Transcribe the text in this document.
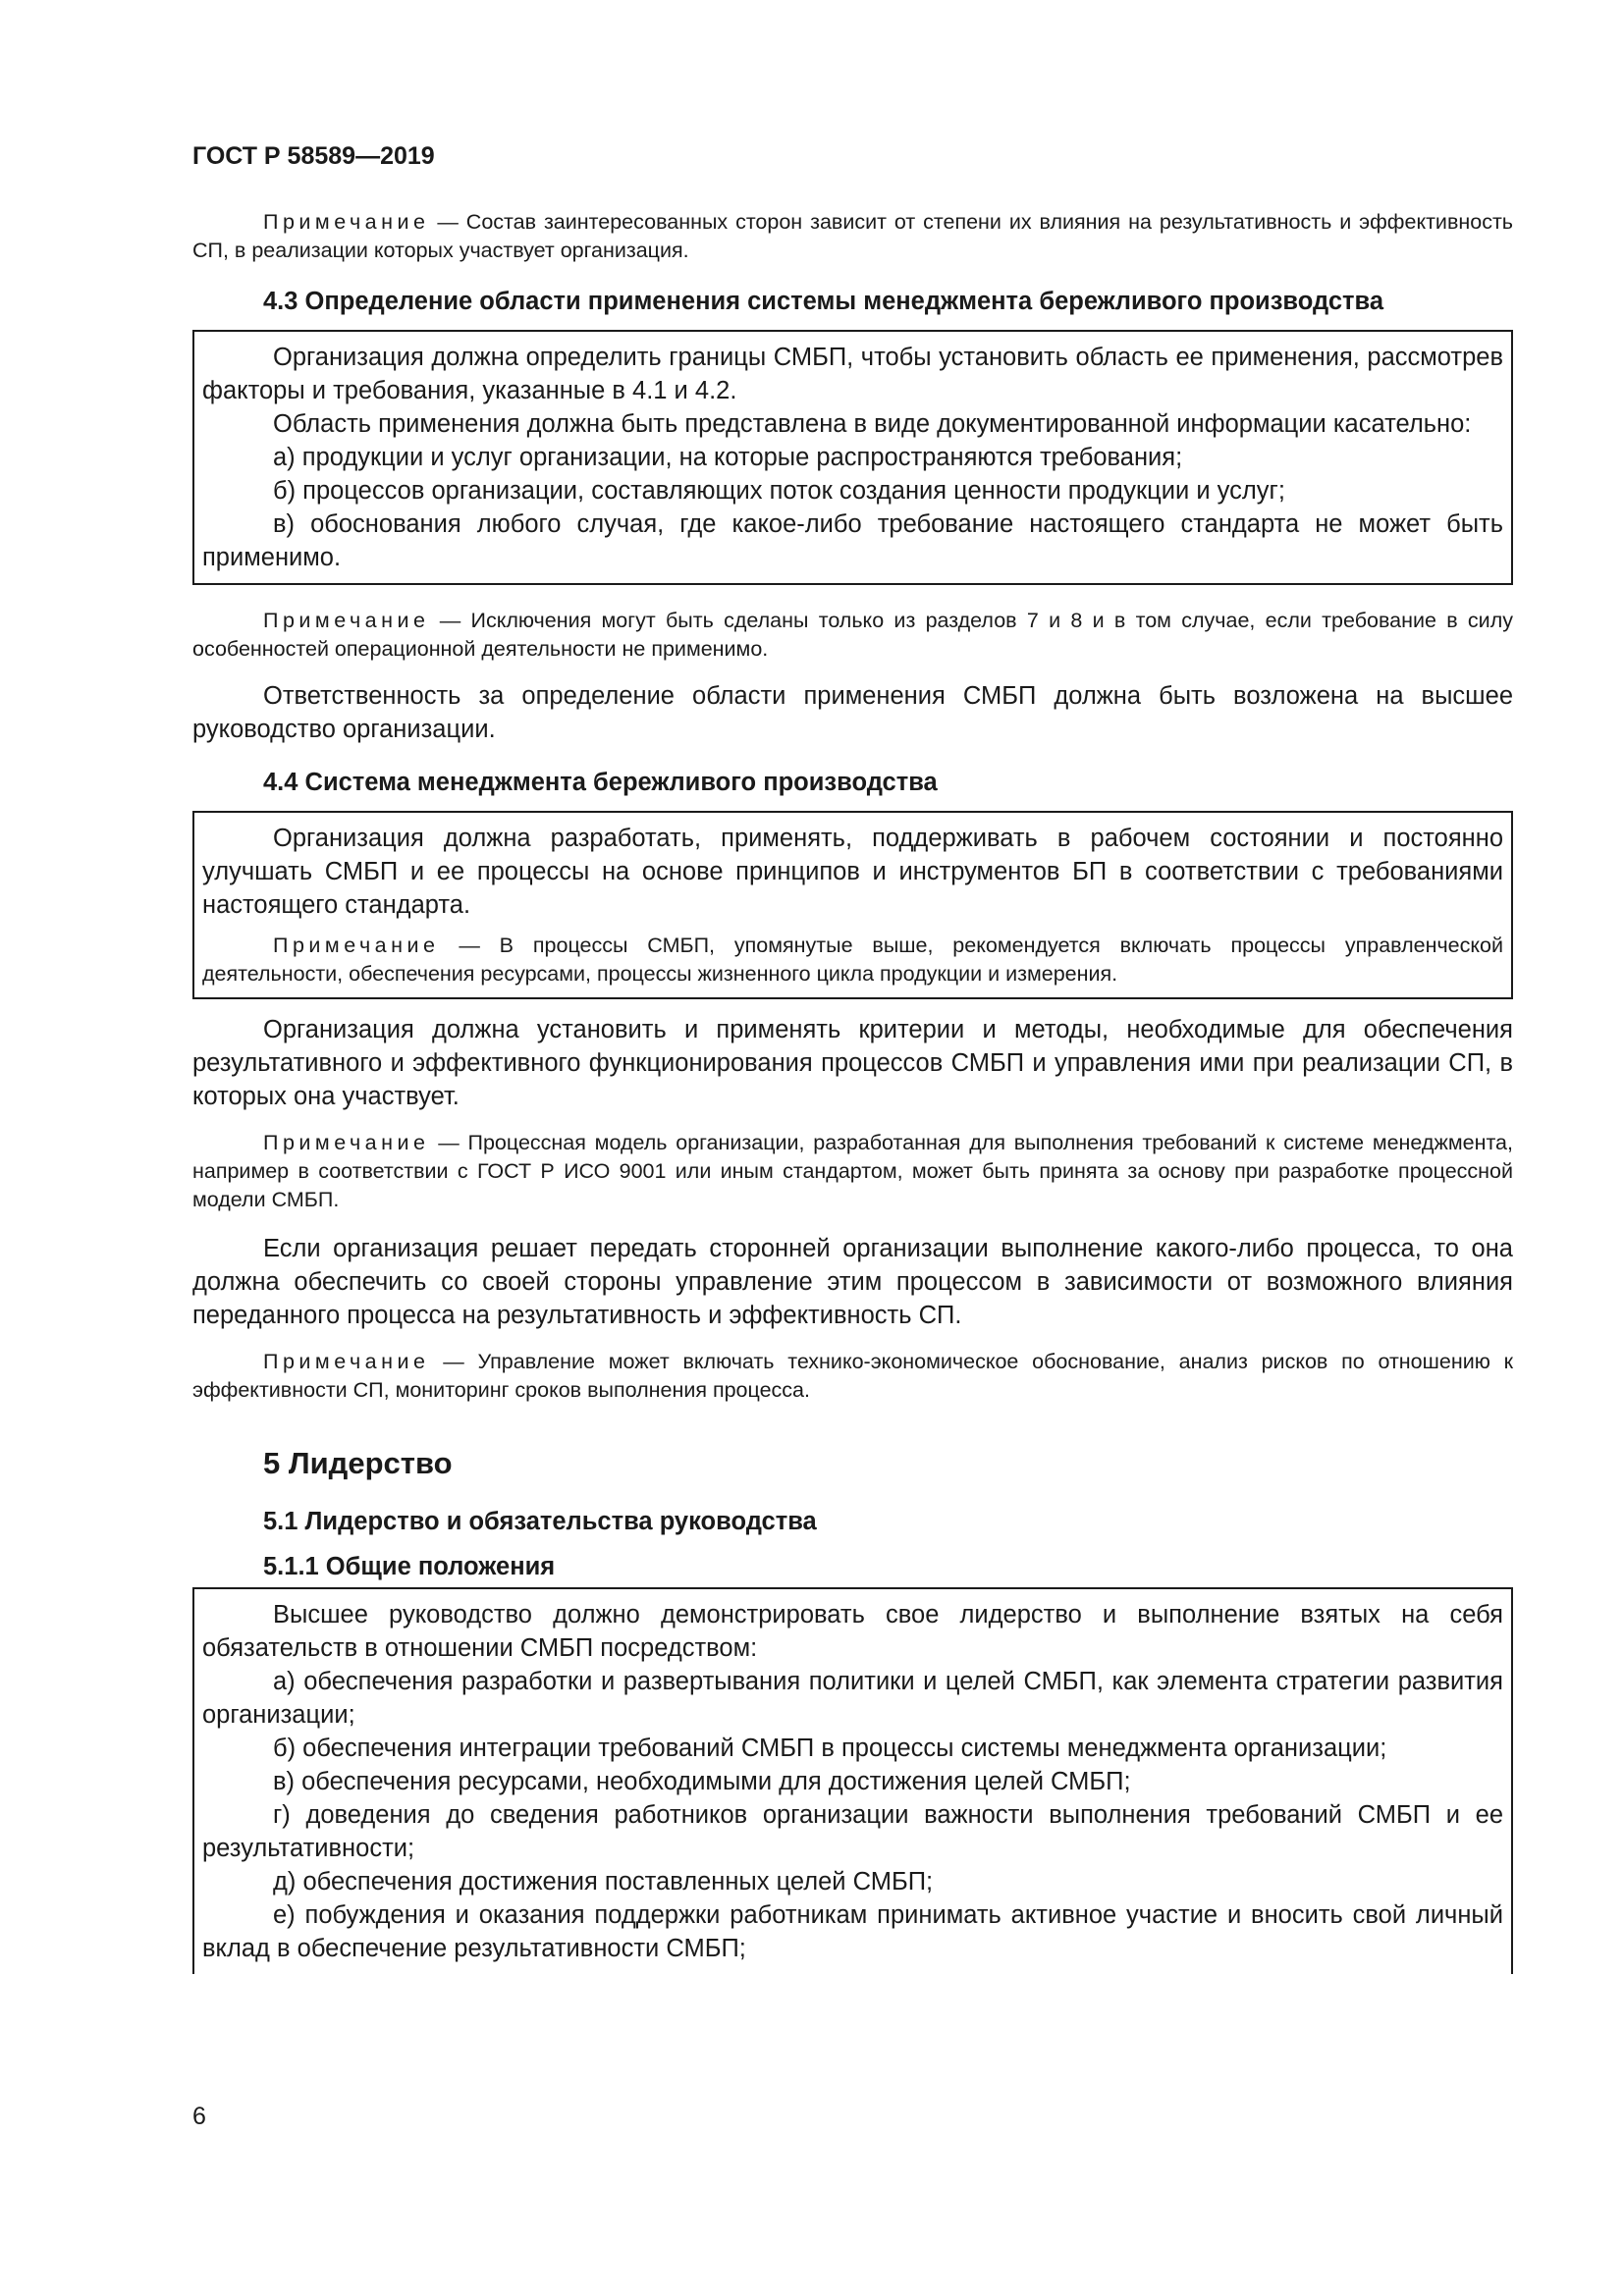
ГОСТ Р 58589—2019

Примечание — Состав заинтересованных сторон зависит от степени их влияния на результативность и эффективность СП, в реализации которых участвует организация.

4.3 Определение области применения системы менеджмента бережливого производства

Организация должна определить границы СМБП, чтобы установить область ее применения, рассмотрев факторы и требования, указанные в 4.1 и 4.2.

Область применения должна быть представлена в виде документированной информации касательно:

а) продукции и услуг организации, на которые распространяются требования;

б) процессов организации, составляющих поток создания ценности продукции и услуг;

в) обоснования любого случая, где какое-либо требование настоящего стандарта не может быть применимо.

Примечание — Исключения могут быть сделаны только из разделов 7 и 8 и в том случае, если требование в силу особенностей операционной деятельности не применимо.

Ответственность за определение области применения СМБП должна быть возложена на высшее руководство организации.

4.4 Система менеджмента бережливого производства

Организация должна разработать, применять, поддерживать в рабочем состоянии и постоянно улучшать СМБП и ее процессы на основе принципов и инструментов БП в соответствии с требованиями настоящего стандарта.

Примечание — В процессы СМБП, упомянутые выше, рекомендуется включать процессы управленческой деятельности, обеспечения ресурсами, процессы жизненного цикла продукции и измерения.

Организация должна установить и применять критерии и методы, необходимые для обеспечения результативного и эффективного функционирования процессов СМБП и управления ими при реализации СП, в которых она участвует.

Примечание — Процессная модель организации, разработанная для выполнения требований к системе менеджмента, например в соответствии с ГОСТ Р ИСО 9001 или иным стандартом, может быть принята за основу при разработке процессной модели СМБП.

Если организация решает передать сторонней организации выполнение какого-либо процесса, то она должна обеспечить со своей стороны управление этим процессом в зависимости от возможного влияния переданного процесса на результативность и эффективность СП.

Примечание — Управление может включать технико-экономическое обоснование, анализ рисков по отношению к эффективности СП, мониторинг сроков выполнения процесса.

5 Лидерство
5.1 Лидерство и обязательства руководства
5.1.1 Общие положения

Высшее руководство должно демонстрировать свое лидерство и выполнение взятых на себя обязательств в отношении СМБП посредством:

а) обеспечения разработки и развертывания политики и целей СМБП, как элемента стратегии развития организации;

б) обеспечения интеграции требований СМБП в процессы системы менеджмента организации;

в) обеспечения ресурсами, необходимыми для достижения целей СМБП;

г) доведения до сведения работников организации важности выполнения требований СМБП и ее результативности;

д) обеспечения достижения поставленных целей СМБП;

е) побуждения и оказания поддержки работникам принимать активное участие и вносить свой личный вклад в обеспечение результативности СМБП;

6
